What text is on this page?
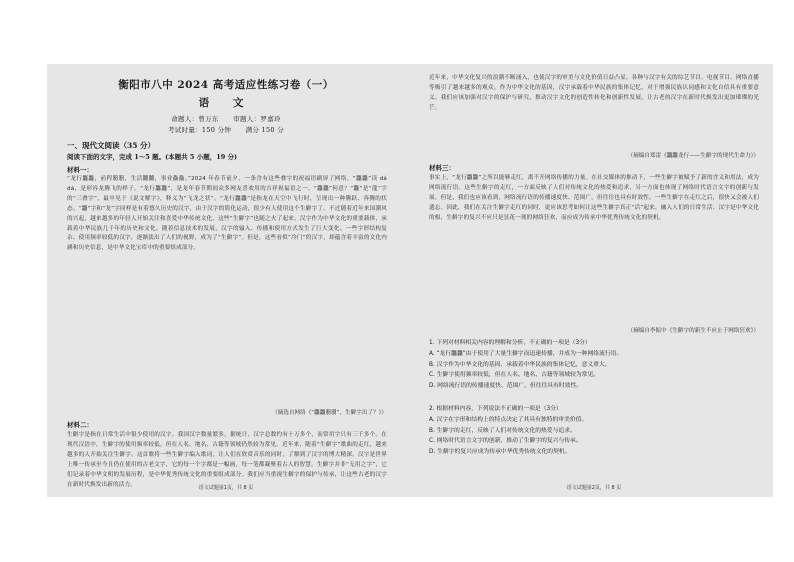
衡阳市八中 2024 高考适应性练习卷（一）
语 文
命题人：曾万东 审题人：罗嘉玲
考试时量：150 分钟 满分 150 分
一、现代文阅读（35 分）
阅读下面的文字，完成 1～5 题。(本题共 5 小题，19 分)
材料一：
“龙行龘龘，前程朤朤，生活䲜䲜，事业鱻鱻。”2024 年春节前夕，一条含有这些叠字的祝福语刷屏了网络。“龘龘”读 dá dá，是形容龙腾飞的样子。“龙行龘龘”，是龙年春节期间众多网友喜欢用的吉祥祝福语之一。“龘龘”何意？“龘”是“龍”字的“三叠字”，最早见于《说文解字》，释义为“飞龙之状”。“龙行龘龘”是指龙在天空中飞行时，呈现出一种腾跃、奔腾的状态。“龘”字和“龙”字同样是有着悠久历史的汉字，由于汉字的简化运动，很少有人使用这个生僻字了。不过随着近年来国潮风的兴起，越来越多的年轻人开始关注和喜爱中华传统文化，这些“生僻字”也随之火了起来。汉字作为中华文化的重要载体，承载着中华民族几千年的历史和文化。随着信息技术的发展，汉字的输入、传播和使用方式发生了巨大变化。一些字形结构复杂、使用频率较低的汉字，逐渐淡出了人们的视野，成为了“生僻字”。但是，这些看似“冷门”的汉字，却蕴含着丰富的文化内涵和历史信息，是中华文化宝库中的重要组成部分。
（摘选自网络《“龘龘朤朤”，生僻字出了？》）
材料二：
生僻字是指在日常生活中很少使用的汉字。我国汉字数量繁多，据统计，汉字总数约有十万多个，而常用字只有三千多个。在现代汉语中，生僻字的使用频率较低，但在人名、地名、古籍等领域仍然较为常见。近年来，随着“生僻字”歌曲的走红，越来越多的人开始关注生僻字。这首歌将一些生僻字编入歌词，让人们在欣赏音乐的同时，了解到了汉字的博大精深。汉字是世界上唯一传承至今且仍在使用的古老文字，它的每一个字都是一幅画，每一笔都凝聚着古人的智慧。生僻字并非“无用之字”，它们记录着中华文明的发展历程，是中华优秀传统文化的重要组成部分。我们应当重视生僻字的保护与传承，让这些古老的汉字在新时代焕发出新的活力。
语文试题第1页，共 8 页
近年来，中华文化复兴的浪潮不断涌入，也使汉字的审美与文化价值日益凸显。各种与汉字有关的综艺节目、电视节目、网络直播等吸引了越来越多的观众。作为中华文化的基因，汉字承载着中华民族的集体记忆，对于增强民族认同感和文化自信具有重要意义。我们应该加强对汉字的保护与研究，推动汉字文化的创造性转化和创新性发展，让古老的汉字在新时代焕发出更加璀璨的光芒。
（摘编自郑雷《龘龘龙行——生僻字的现代生命力》）
材料三：
事实上，“龙行龘龘”之所以能够走红，离不开网络传播的力量。在社交媒体的推动下，一些生僻字被赋予了新的含义和用法，成为网络流行语。这些生僻字的走红，一方面反映了人们对传统文化的热爱和追求，另一方面也体现了网络时代语言文字的创新与发展。但是，我们也应该看到，网络流行语的传播速度快、范围广，但往往也具有时效性。一些生僻字在走红之后，很快又会被人们遗忘。因此，我们在关注生僻字走红的同时，更应该思考如何让这些生僻字真正“活”起来，融入人们的日常生活。汉字是中华文化的根，生僻字的复兴不应只是昙花一现的网络狂欢，而应成为传承中华优秀传统文化的契机。
（摘编自李振中《生僻字的新生不应止于网络狂欢》）
1. 下列对材料相关内容的理解和分析，不正确的一项是（3分）
A. “龙行龘龘”由于使用了大量生僻字而迅速传播，并成为一种网络流行语。
B. 汉字作为中华文化的基因，承载着中华民族的集体记忆，意义重大。
C. 生僻字使用频率较低，但在人名、地名、古籍等领域较为常见。
D. 网络流行语的传播速度快、范围广，但往往具有时效性。
2. 根据材料内容，下列说法不正确的一项是（3分）
A. 汉字在字形和结构上的特点决定了其具有独特的审美价值。
B. 生僻字的走红，反映了人们对传统文化的热爱与追求。
C. 网络时代语言文字的创新，推动了生僻字的复兴与传承。
D. 生僻字的复兴应成为传承中华优秀传统文化的契机。
语文试题第2页，共 8 页
